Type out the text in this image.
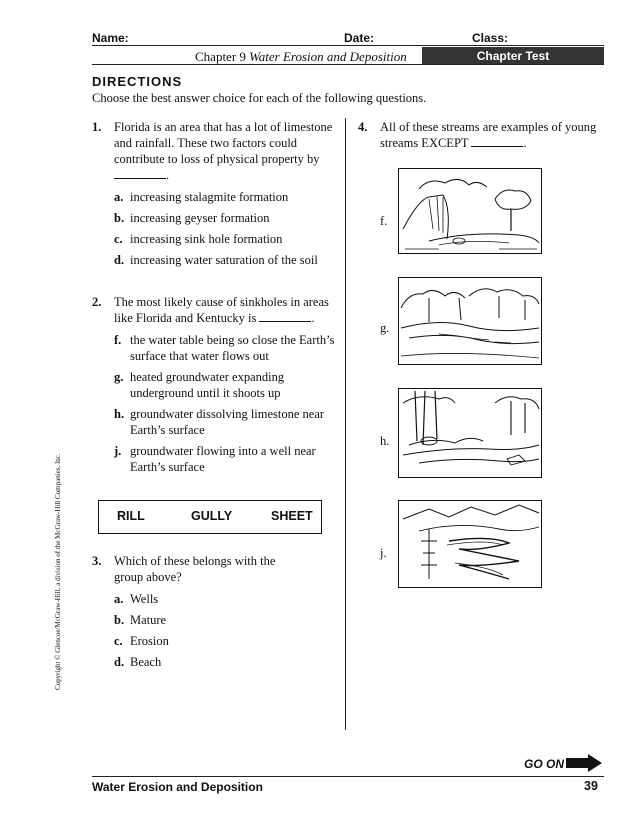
Name:	Date:	Class:
Chapter 9 Water Erosion and Deposition	Chapter Test
DIRECTIONS
Choose the best answer choice for each of the following questions.
1. Florida is an area that has a lot of limestone and rainfall. These two factors could contribute to loss of physical property by .
a. increasing stalagmite formation
b. increasing geyser formation
c. increasing sink hole formation
d. increasing water saturation of the soil
2. The most likely cause of sinkholes in areas like Florida and Kentucky is	.
f. the water table being so close the Earth’s surface that water flows out
g. heated groundwater expanding underground until it shoots up
h. groundwater dissolving limestone near Earth’s surface
j. groundwater flowing into a well near Earth’s surface
RILL	GULLY	SHEET
3. Which of these belongs with the group above?
a. Wells
b. Mature
c. Erosion
d. Beach
4. All of these streams are examples of young streams EXCEPT	.
f.
g.
h.
j.
Copyright © Glencoe/McGraw-Hill, a division of the McGraw-Hill Companies, Inc.
GO ON
Water Erosion and Deposition	39
